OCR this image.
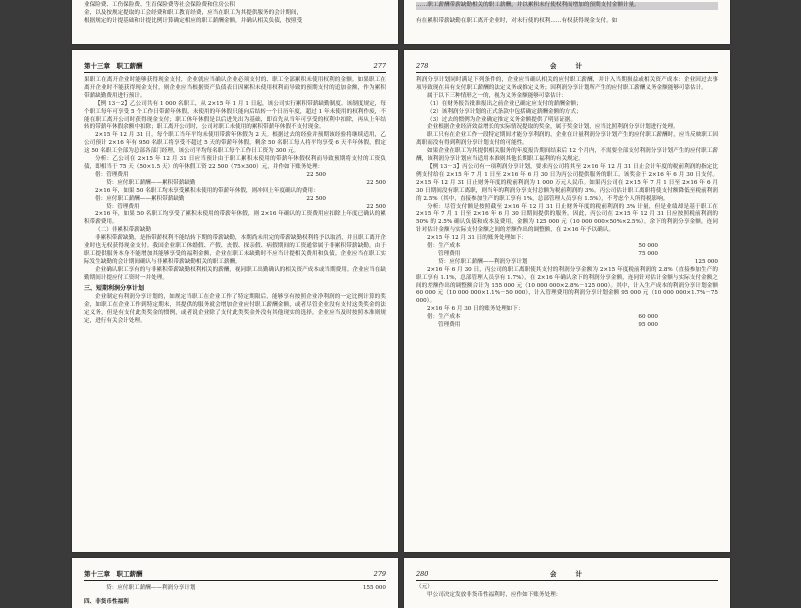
业保险费、工伤保险费、生育保险费等社会保险费和住房公积

金，以及按规定提取的工会经费和职工教育经费，应当在职工为其提供服务的会计期间，

根据规定的计提基础和计提比例计算确定相应的职工薪酬金额，并确认相关负债，按照受

……职工薪酬带薪缺勤相关的职工薪酬，并以累积未行使权利而增加的预期支付金额计量。

有在累积带薪缺勤在职工离开企业时，对未行使的权利……有权获得现金支付。如

第十三章　职工薪酬	277

果职工在离开企业时能够获得现金支付，企业就应当确认企业必须支付的、职工全部累积未使用权利的金额。如果职工在离开企业时不能获得现金支付，则企业应当根据资产负债表日因累积未使用权利而导致的预期支付的追加金额，作为累积带薪缺勤费用进行预计。

【例 13－2】乙公司共有 1 000 名职工，从 2×15 年 1 月 1 日起，该公司实行累积带薪缺勤制度。该制度规定，每个职工每年可享受 5 个工作日带薪年休假，未使用的年休假只能向后结转一个日历年度，超过 1 年未使用的权利作废，不能在职工离开公司时获得现金支付；职工休年休假是以后进先出为基础，即首先从当年可享受的权利中扣除，再从上年结转的带薪年休假余额中扣除；职工离开公司时，公司对职工未使用的累积带薪年休假不支付现金。

2×15 年 12 月 31 日，每个职工当年平均未使用带薪年休假为 2 天。根据过去的经验并预期该经验将继续适用，乙公司预计 2×16 年有 950 名职工将享受不超过 5 天的带薪年休假，剩余 50 名职工每人将平均享受 6 天半年休假，假定这 50 名职工全部为总部各部门经理，该公司平均每名职工每个工作日工资为 300 元。

分析：乙公司在 2×15 年 12 月 31 日应当预计由于职工累积未使用的带薪年休假权利而导致预期将支付的工资负债，即相当于 75 天（50×1.5 天）的年休假工资 22 500（75×300）元，并作如下账务处理：

借：管理费用	22 500
贷：应付职工薪酬——累积带薪缺勤	22 500

2×16 年，如果 50 名职工均未享受累积未使用的带薪年休假，则冲回上年度确认的费用：

借：应付职工薪酬——累积带薪缺勤	22 500
贷：管理费用	22 500

2×16 年，如果 50 名职工均享受了累积未使用的带薪年休假，则 2×16 年确认的工资费用应扣除上年度已确认的累积带薪费用。

（二）非累积带薪缺勤

非累积带薪缺勤，是指带薪权利不能结转下期的带薪缺勤，本期尚未用完的带薪缺勤权利将予以取消，并且职工离开企业时也无权获得现金支付。我国企业职工休婚假、产假、丧假、探亲假、病假期间的工资通常属于非累积带薪缺勤。由于职工提供服务本身不能增加其能够享受的福利金额，企业在职工未缺勤时不应当计提相关费用和负债。企业应当在职工实际发生缺勤的会计期间确认与非累积带薪缺勤相关的职工薪酬。

企业确认职工享有的与非累积带薪缺勤权利相关的薪酬，视同职工出勤确认的相关资产成本或当期费用。企业应当在缺勤期间计提应付工资时一并处理。

三、短期利润分享计划

企业制定有利润分享计划的，如规定当职工在企业工作了特定期限后，能够享有按照企业净利润的一定比例计算的奖金，如职工在企业工作到特定期末，其提供的服务就会增加企业应付职工薪酬金额，或者尽管企业没有支付这类奖金的法定义务，但是有支付此类奖金的惯例，或者说企业除了支付此类奖金外没有其他现实的选择，企业应当及时按照本准则规定，进行有关会计处理。

278	会　　计

利润分享计划同时满足下列条件的，企业应当确认相关的应付职工薪酬，并计入当期损益或相关资产成本：企业因过去事项导致现在具有支付职工薪酬的法定义务或推定义务；因利润分享计划所产生的应付职工薪酬义务金额能够可靠估计。

属于以下三种情形之一的，视为义务金额能够可靠估计：

（1）在财务报告批准报出之前企业已确定应支付的薪酬金额；

（2）该利润分享计划的正式条款中包括确定薪酬金额的方式；

（3）过去的惯例为企业确定推定义务金额提供了明显证据。

企业根据企业经济效益增长的实际情况提取的奖金，属于奖金计划，应当比照利润分享计划进行处理。

职工只有在企业工作一段特定期间才能分享利润的，企业在计量利润分享计划产生的应付职工薪酬时，应当反映职工因离职而没有得到利润分享计划支付的可能性。

如果企业在职工为其提供相关服务的年度报告期间结束后 12 个月内，不需要全部支付利润分享计划产生的应付职工薪酬，该利润分享计划应当适用本准则其他长期职工福利的有关规定。

【例 13－3】丙公司有一项利润分享计划，要求丙公司将其至 2×16 年 12 月 31 日止会计年度的税前利润的指定比例支付给在 2×15 年 7 月 1 日至 2×16 年 6 月 30 日为丙公司提供服务的职工。该奖金于 2×16 年 6 月 30 日支付。2×15 年 12 月 31 日止财务年度的税前利润为 1 000 万元人民币。如果丙公司在 2×15 年 7 月 1 日至 2×16 年 6 月 30 日期间没有职工离职，则当年的利润分享支付总额为税前利润的 3%。丙公司估计职工离职将使支付额降低至税前利润的 2.5%（其中，直接参加生产的职工享有 1%，总部管理人员享有 1.5%），不考虑个人所得税影响。

分析：尽管支付额是按照截至 2×16 年 12 月 31 日止财务年度的税前利润的 3% 计量，但是业绩却是基于职工在 2×15 年 7 月 1 日至 2×16 年 6 月 30 日期间提供的服务。因此，丙公司在 2×15 年 12 月 31 日应按照税前利润的 50% 的 2.5% 确认负债和成本及费用，金额为 125 000 元（10 000 000×50%×2.5%）。余下的利润分享金额，连同针对估计金额与实际支付金额之间的差额作出的调整额，在 2×16 年予以确认。

2×15 年 12 月 31 日的账务处理如下：

借：生产成本	50 000
管理费用	75 000
贷：应付职工薪酬——利润分享计划	125 000

2×16 年 6 月 30 日，丙公司的职工离职使其支付的利润分享金额为 2×15 年度税前利润的 2.8%（直接参加生产的职工享有 1.1%，总部管理人员享有 1.7%），在 2×16 年确认余下的利润分享金额，连同针对估计金额与实际支付金额之间的差额作出的调整额合计为 155 000 元（10 000 000×2.8%－125 000）。其中，计入生产成本的利润分享计划金额 60 000 元（10 000 000×1.1%－50 000），计入管理费用的利润分享计划金额 95 000 元（10 000 000×1.7%－75 000）。

2×16 年 6 月 30 日的账务处理如下：

借：生产成本	60 000
管理费用	95 000
第十三章　职工薪酬	279
贷：应付职工薪酬——利润分享计划	155 000

四、非货币性福利

280	会　　计

（元）

甲公司决定发放非货币性福利时，应作如下账务处理：
